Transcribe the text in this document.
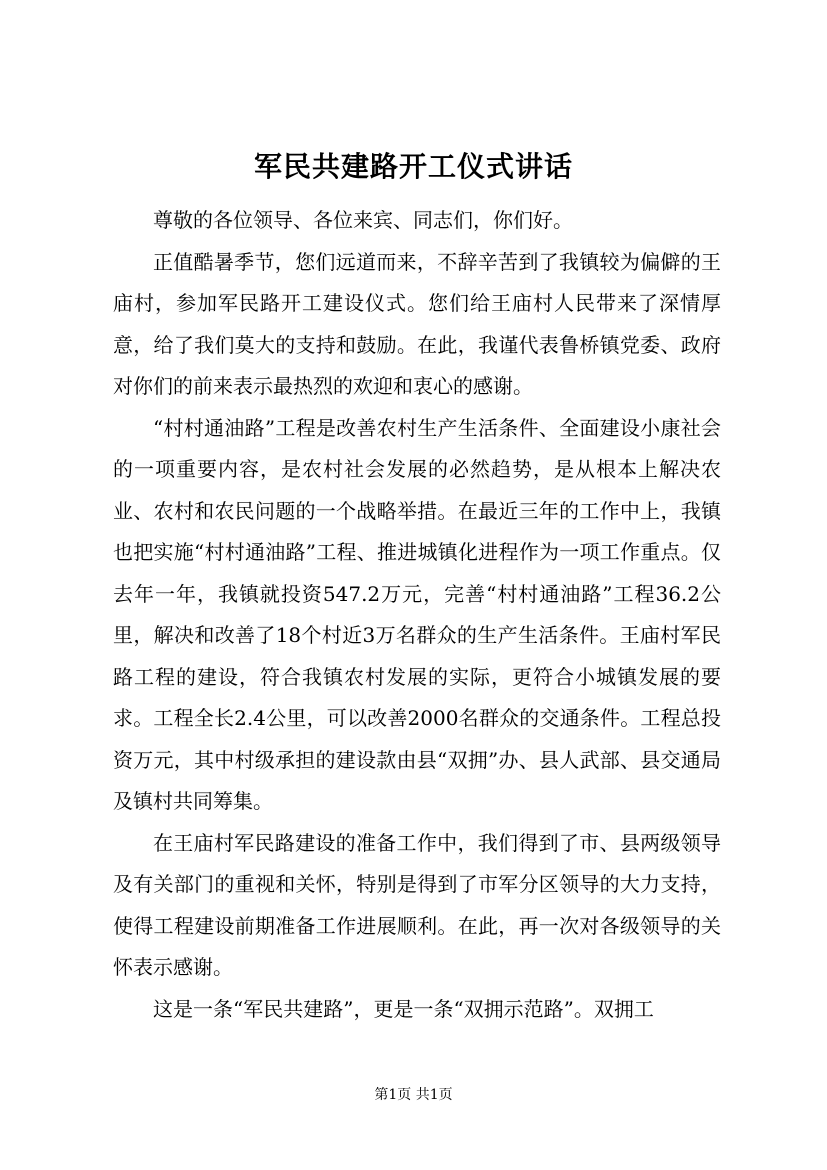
军民共建路开工仪式讲话

尊敬的各位领导、各位来宾、同志们，你们好。

正值酷暑季节，您们远道而来，不辞辛苦到了我镇较为偏僻的王庙村，参加军民路开工建设仪式。您们给王庙村人民带来了深情厚意，给了我们莫大的支持和鼓励。在此，我谨代表鲁桥镇党委、政府对你们的前来表示最热烈的欢迎和衷心的感谢。

“村村通油路”工程是改善农村生产生活条件、全面建设小康社会的一项重要内容，是农村社会发展的必然趋势，是从根本上解决农业、农村和农民问题的一个战略举措。在最近三年的工作中上，我镇也把实施“村村通油路”工程、推进城镇化进程作为一项工作重点。仅去年一年，我镇就投资547.2万元，完善“村村通油路”工程36.2公里，解决和改善了18个村近3万名群众的生产生活条件。王庙村军民路工程的建设，符合我镇农村发展的实际，更符合小城镇发展的要求。工程全长2.4公里，可以改善2000名群众的交通条件。工程总投资万元，其中村级承担的建设款由县“双拥”办、县人武部、县交通局及镇村共同筹集。

在王庙村军民路建设的准备工作中，我们得到了市、县两级领导及有关部门的重视和关怀，特别是得到了市军分区领导的大力支持，使得工程建设前期准备工作进展顺利。在此，再一次对各级领导的关怀表示感谢。

这是一条“军民共建路”，更是一条“双拥示范路”。双拥工

第1页 共1页
